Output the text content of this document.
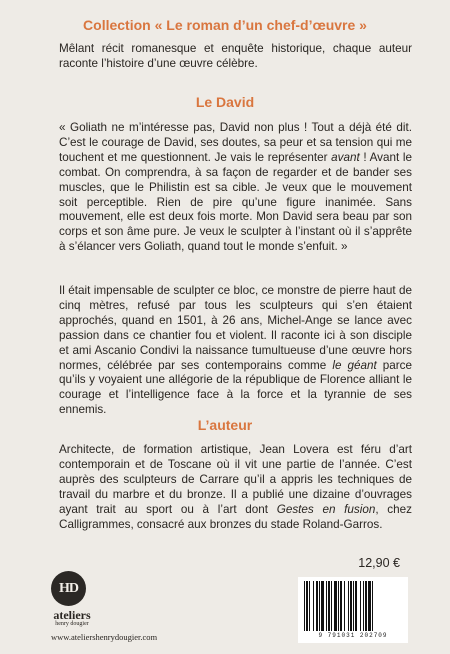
Collection « Le roman d’un chef-d’œuvre »

Mêlant récit romanesque et enquête historique, chaque auteur raconte l’histoire d’une œuvre célèbre.

Le David

« Goliath ne m’intéresse pas, David non plus ! Tout a déjà été dit. C’est le courage de David, ses doutes, sa peur et sa tension qui me touchent et me questionnent. Je vais le représenter avant ! Avant le combat. On comprendra, à sa façon de regarder et de bander ses muscles, que le Philistin est sa cible. Je veux que le mouvement soit perceptible. Rien de pire qu’une figure inanimée. Sans mouvement, elle est deux fois morte. Mon David sera beau par son corps et son âme pure. Je veux le sculpter à l’instant où il s’apprête à s’élancer vers Goliath, quand tout le monde s’enfuit. »

Il était impensable de sculpter ce bloc, ce monstre de pierre haut de cinq mètres, refusé par tous les sculpteurs qui s’en étaient approchés, quand en 1501, à 26 ans, Michel-Ange se lance avec passion dans ce chantier fou et violent. Il raconte ici à son disciple et ami Ascanio Condivi la naissance tumultueuse d’une œuvre hors normes, célébrée par ses contemporains comme le géant parce qu’ils y voyaient une allégorie de la république de Florence alliant le courage et l’intelligence face à la force et la tyrannie de ses ennemis.

L’auteur

Architecte, de formation artistique, Jean Lovera est féru d’art contemporain et de Toscane où il vit une partie de l’année. C’est auprès des sculpteurs de Carrare qu’il a appris les techniques de travail du marbre et du bronze. Il a publié une dizaine d’ouvrages ayant trait au sport ou à l’art dont Gestes en fusion, chez Calligrammes, consacré aux bronzes du stade Roland-Garros.

HD
ateliers
henry dougier
www.ateliershenrydougier.com
12,90 €
9 791031 202709
